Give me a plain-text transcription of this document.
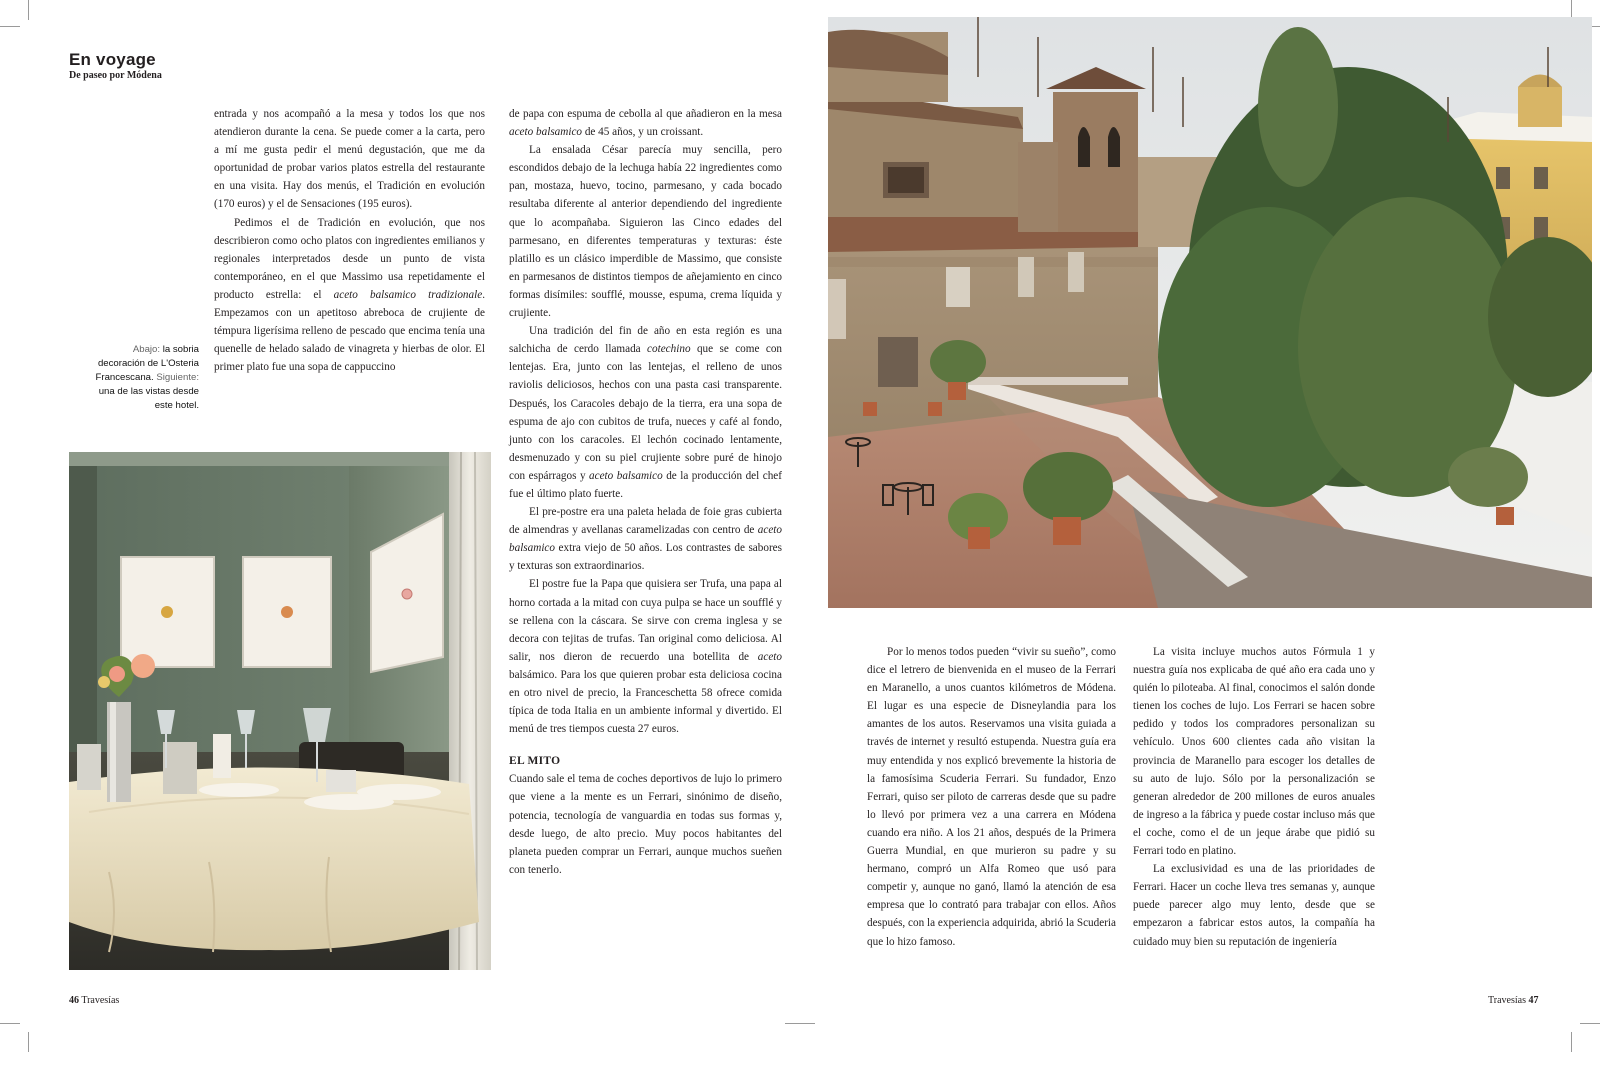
En voyage
De paseo por Módena
Abajo: la sobria decoración de L'Osteria Francescana. Siguiente: una de las vistas desde este hotel.

entrada y nos acompañó a la mesa y todos los que nos atendieron durante la cena. Se puede comer a la carta, pero a mí me gusta pedir el menú degustación, que me da oportunidad de probar varios platos estrella del restaurante en una visita. Hay dos menús, el Tradición en evolución (170 euros) y el de Sensaciones (195 euros).

Pedimos el de Tradición en evolución, que nos describieron como ocho platos con ingredientes emilianos y regionales interpretados desde un punto de vista contemporáneo, en el que Massimo usa repetidamente el producto estrella: el aceto balsamico tradizionale. Empezamos con un apetitoso abreboca de crujiente de témpura ligerísima relleno de pescado que encima tenía una quenelle de helado salado de vinagreta y hierbas de olor. El primer plato fue una sopa de cappuccino

de papa con espuma de cebolla al que añadieron en la mesa aceto balsamico de 45 años, y un croissant.

La ensalada César parecía muy sencilla, pero escondidos debajo de la lechuga había 22 ingredientes como pan, mostaza, huevo, tocino, parmesano, y cada bocado resultaba diferente al anterior dependiendo del ingrediente que lo acompañaba. Siguieron las Cinco edades del parmesano, en diferentes temperaturas y texturas: éste platillo es un clásico imperdible de Massimo, que consiste en parmesanos de distintos tiempos de añejamiento en cinco formas disímiles: soufflé, mousse, espuma, crema líquida y crujiente.

Una tradición del fin de año en esta región es una salchicha de cerdo llamada cotechino que se come con lentejas. Era, junto con las lentejas, el relleno de unos raviolis deliciosos, hechos con una pasta casi transparente. Después, los Caracoles debajo de la tierra, era una sopa de espuma de ajo con cubitos de trufa, nueces y café al fondo, junto con los caracoles. El lechón cocinado lentamente, desmenuzado y con su piel crujiente sobre puré de hinojo con espárragos y aceto balsamico de la producción del chef fue el último plato fuerte.

El pre-postre era una paleta helada de foie gras cubierta de almendras y avellanas caramelizadas con centro de aceto balsamico extra viejo de 50 años. Los contrastes de sabores y texturas son extraordinarios.

El postre fue la Papa que quisiera ser Trufa, una papa al horno cortada a la mitad con cuya pulpa se hace un soufflé y se rellena con la cáscara. Se sirve con crema inglesa y se decora con tejitas de trufas. Tan original como deliciosa. Al salir, nos dieron de recuerdo una botellita de aceto balsámico. Para los que quieren probar esta deliciosa cocina en otro nivel de precio, la Franceschetta 58 ofrece comida típica de toda Italia en un ambiente informal y divertido. El menú de tres tiempos cuesta 27 euros.

EL MITO

Cuando sale el tema de coches deportivos de lujo lo primero que viene a la mente es un Ferrari, sinónimo de diseño, potencia, tecnología de vanguardia en todas sus formas y, desde luego, de alto precio. Muy pocos habitantes del planeta pueden comprar un Ferrari, aunque muchos sueñen con tenerlo.

46 Travesías

Por lo menos todos pueden “vivir su sueño”, como dice el letrero de bienvenida en el museo de la Ferrari en Maranello, a unos cuantos kilómetros de Módena. El lugar es una especie de Disneylandia para los amantes de los autos. Reservamos una visita guiada a través de internet y resultó estupenda. Nuestra guía era muy entendida y nos explicó brevemente la historia de la famosísima Scuderia Ferrari. Su fundador, Enzo Ferrari, quiso ser piloto de carreras desde que su padre lo llevó por primera vez a una carrera en Módena cuando era niño. A los 21 años, después de la Primera Guerra Mundial, en que murieron su padre y su hermano, compró un Alfa Romeo que usó para competir y, aunque no ganó, llamó la atención de esa empresa que lo contrató para trabajar con ellos. Años después, con la experiencia adquirida, abrió la Scuderia que lo hizo famoso.

La visita incluye muchos autos Fórmula 1 y nuestra guía nos explicaba de qué año era cada uno y quién lo piloteaba. Al final, conocimos el salón donde tienen los coches de lujo. Los Ferrari se hacen sobre pedido y todos los compradores personalizan su vehículo. Unos 600 clientes cada año visitan la provincia de Maranello para escoger los detalles de su auto de lujo. Sólo por la personalización se generan alrededor de 200 millones de euros anuales de ingreso a la fábrica y puede costar incluso más que el coche, como el de un jeque árabe que pidió su Ferrari todo en platino.

La exclusividad es una de las prioridades de Ferrari. Hacer un coche lleva tres semanas y, aunque puede parecer algo muy lento, desde que se empezaron a fabricar estos autos, la compañía ha cuidado muy bien su reputación de ingeniería

Travesías 47
